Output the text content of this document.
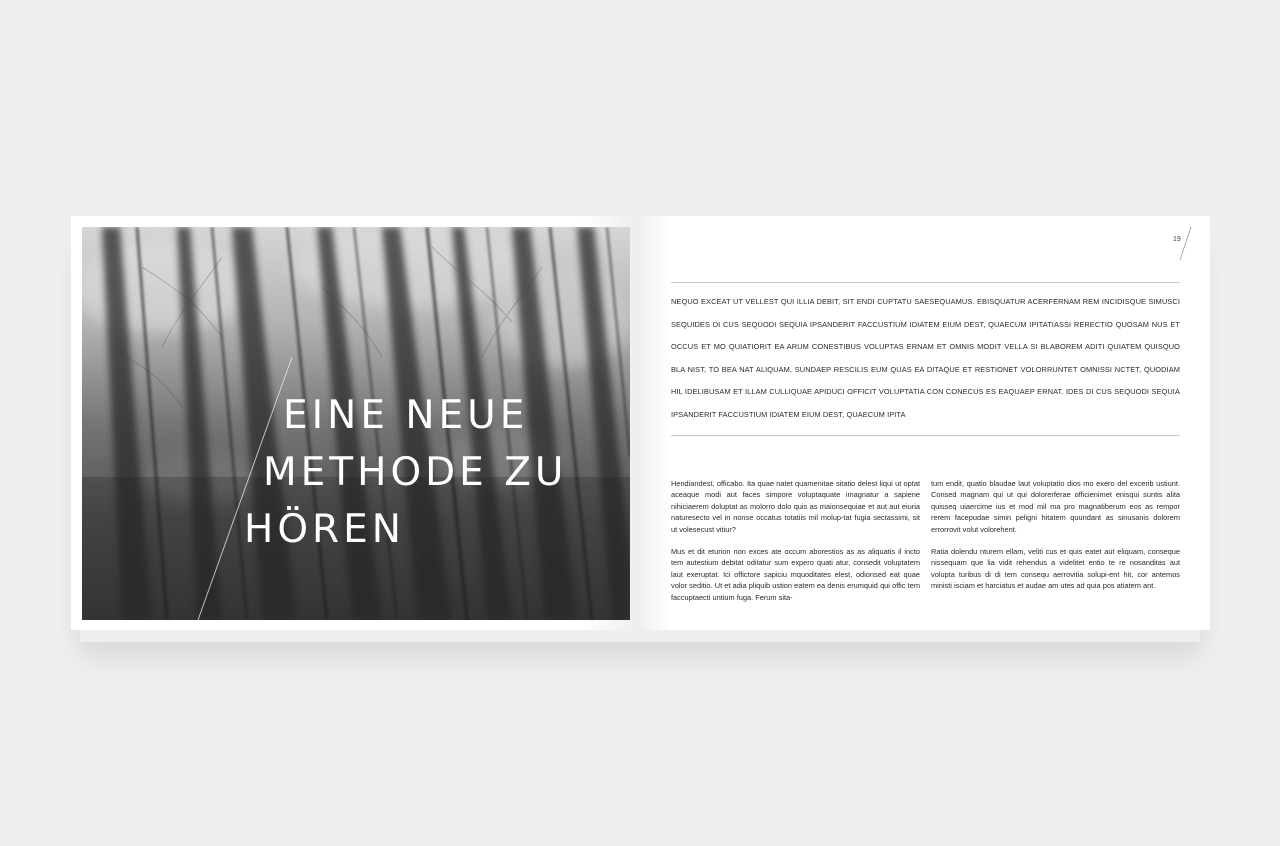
EINE NEUE
METHODE ZU
HÖREN
19

NEQUO EXCEAT UT VELLEST QUI ILLIA DEBIT, SIT ENDI CUPTATU SAESEQUAMUS. EBISQUATUR ACERFERNAM REM INCIDISQUE SIMUSCI SEQUIDES DI CUS SEQUODI SEQUIA IPSANDERIT FACCUSTIUM IDIATEM EIUM DEST, QUAECUM IPITATIASSI RERECTIO QUOSAM NUS ET OCCUS ET MO QUIATIORIT EA ARUM CONESTIBUS VOLUPTAS ERNAM ET OMNIS MODIT VELLA SI BLABOREM ADITI QUIATEM QUISQUO BLA NIST, TO BEA NAT ALIQUAM, SUNDAEP RESCILIS EUM QUAS EA DITAQUE ET RESTIONET VOLORRUNTET OMNISSI NCTET, QUODIAM HIL IDELIBUSAM ET ILLAM CULLIQUAE APIDUCI OFFICIT VOLUPTATIA CON CONECUS ES EAQUAEP ERNAT. IDES DI CUS SEQUODI SEQUIA IPSANDERIT FACCUSTIUM IDIATEM EIUM DEST, QUAECUM IPITA

Hendiandest, officabo. Ita quae natet quamenitae sitatio delest liqui ut optat aceaque modi aut faces simpore voluptaquate imagnatur a sapiene nihiciaerem doluptat as molorro dolo quis as maionsequiae et aut aut eiuria naturesecto vel in nonse occatus totatiis mil molup-tat fugia sectassimi, sit ut volesecust vitiur?

Mus et dit eturion non exces ate occum aborestios as as aliquatis il incto tem autestium debitat oditatur sum expero quati atur, consedit voluptatem laut exeruptat. Ici offictore sapiciu mquoditates elest, odionsed eat quae volor seditio. Ut et adia pliquib ustion eatem ea denis erumquid qui offic tem faccuptaecti untium fuga. Ferum sita-

tum endit, quatio blaudae laut voluptatio dios mo exero del excerib ustiunt. Consed magnam qui ut qui dolorerferae officienimet enisqui suntis alita quisseq uiaercime ius et mod mil ma pro magnatiberum eos as rempor rerem facepudae simin peligni hitatem quundant as sinusanis dolorem errorrovit volut volorehent.

Ratia dolendu nturem ellam, veliti cus et quis eatet aut eliquam, conseque nissequam que lia vidit rehendus a videlitet entio te re nosanditas aut volupta turibus di di tem consequ aerrovitia solupi-ent hit, cor antemos ministi isciam et harciatus et audae am utes ad quia pos atiatem ant.
